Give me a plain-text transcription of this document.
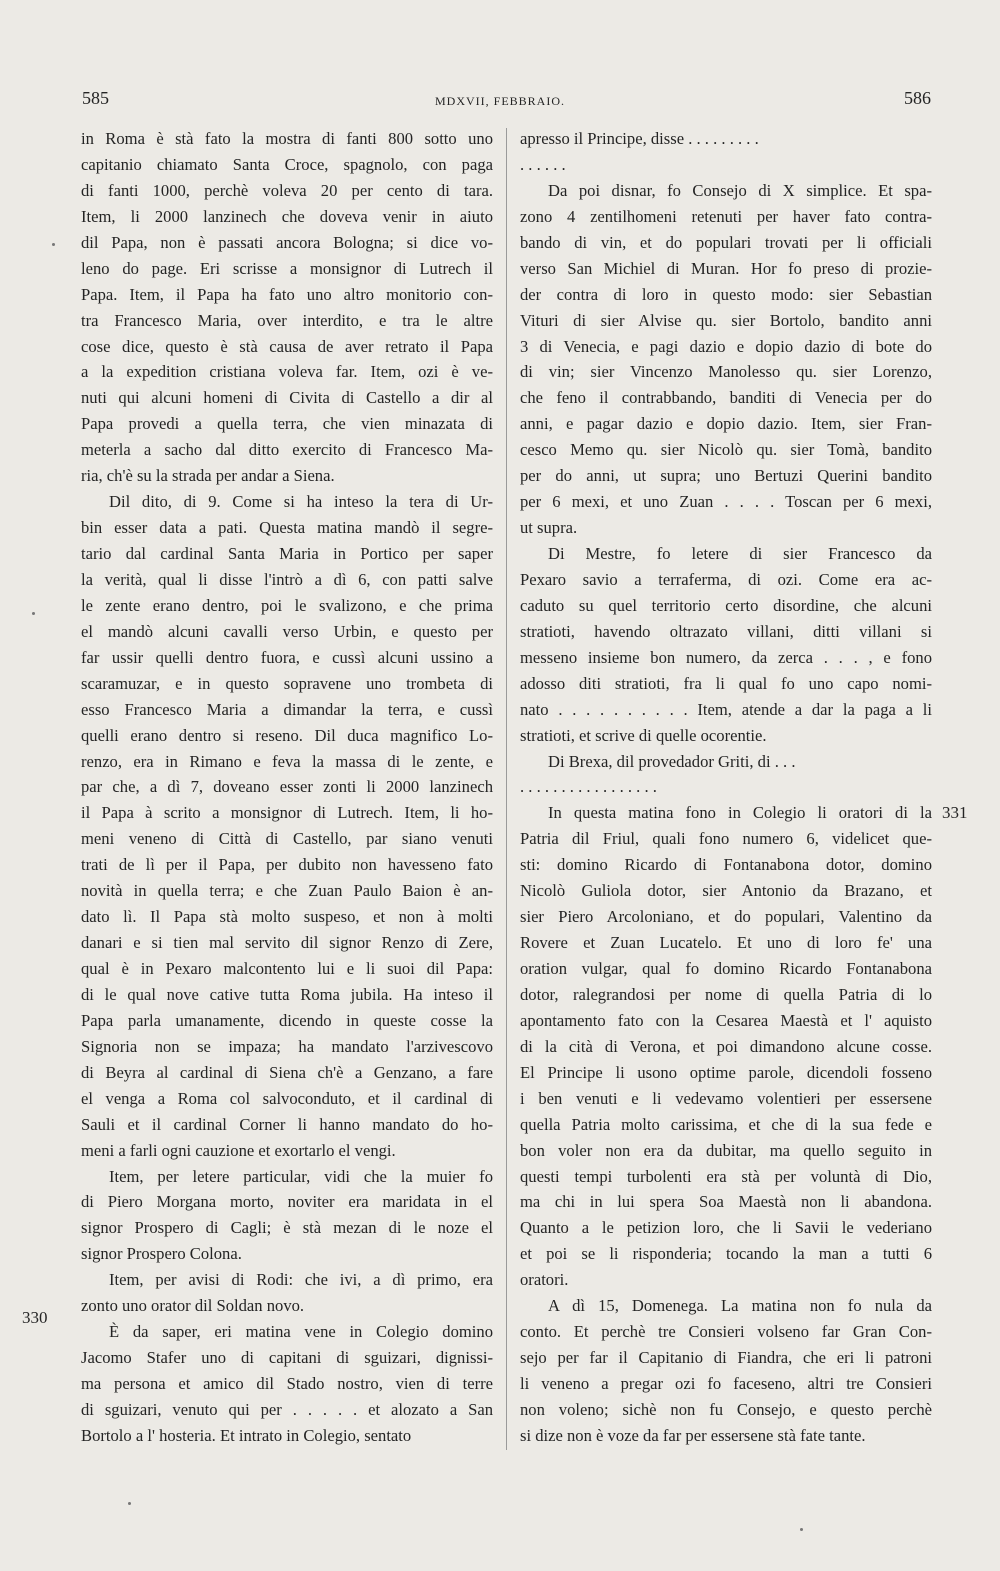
585	MDXVII, FEBBRAIO.	586
in Roma è stà fato la mostra di fanti 800 sotto uno
capitanio chiamato Santa Croce, spagnolo, con paga
di fanti 1000, perchè voleva 20 per cento di tara.
Item, li 2000 lanzinech che doveva venir in aiuto
dil Papa, non è passati ancora Bologna; si dice vo-
leno do page. Eri scrisse a monsignor di Lutrech il
Papa. Item, il Papa ha fato uno altro monitorio con-
tra Francesco Maria, over interdito, e tra le altre
cose dice, questo è stà causa de aver retrato il Papa
a la expedition cristiana voleva far. Item, ozi è ve-
nuti qui alcuni homeni di Civita di Castello a dir al
Papa provedi a quella terra, che vien minazata di
meterla a sacho dal ditto exercito di Francesco Ma-
ria, ch'è su la strada per andar a Siena.
Dil dito, di 9. Come si ha inteso la tera di Ur-
bin esser data a pati. Questa matina mandò il segre-
tario dal cardinal Santa Maria in Portico per saper
la verità, qual li disse l'intrò a dì 6, con patti salve
le zente erano dentro, poi le svalizono, e che prima
el mandò alcuni cavalli verso Urbin, e questo per
far ussir quelli dentro fuora, e cussì alcuni ussino a
scaramuzar, e in questo sopravene uno trombeta di
esso Francesco Maria a dimandar la terra, e cussì
quelli erano dentro si reseno. Dil duca magnifico Lo-
renzo, era in Rimano e feva la massa di le zente, e
par che, a dì 7, doveano esser zonti li 2000 lanzinech
il Papa à scrito a monsignor di Lutrech. Item, li ho-
meni veneno di Città di Castello, par siano venuti
trati de lì per il Papa, per dubito non havesseno fato
novità in quella terra; e che Zuan Paulo Baion è an-
dato lì. Il Papa stà molto suspeso, et non à molti
danari e si tien mal servito dil signor Renzo di Zere,
qual è in Pexaro malcontento lui e li suoi dil Papa:
di le qual nove cative tutta Roma jubila. Ha inteso il
Papa parla umanamente, dicendo in queste cosse la
Signoria non se impaza; ha mandato l'arzivescovo
di Beyra al cardinal di Siena ch'è a Genzano, a fare
el venga a Roma col salvoconduto, et il cardinal di
Sauli et il cardinal Corner li hanno mandato do ho-
meni a farli ogni cauzione et exortarlo el vengi.
Item, per letere particular, vidi che la muier fo
di Piero Morgana morto, noviter era maridata in el
signor Prospero di Cagli; è stà mezan di le noze el
signor Prospero Colona.
Item, per avisi di Rodi: che ivi, a dì primo, era
zonto uno orator dil Soldan novo.
È da saper, eri matina vene in Colegio domino
Jacomo Stafer uno di capitani di sguizari, dignissi-
ma persona et amico dil Stado nostro, vien di terre
di sguizari, venuto qui per . . . . . et alozato a San
Bortolo a l' hosteria. Et intrato in Colegio, sentato
apresso il Principe, disse . . . . . . . . .
. . . . . .
Da poi disnar, fo Consejo di X simplice. Et spa-
zono 4 zentilhomeni retenuti per haver fato contra-
bando di vin, et do populari trovati per li officiali
verso San Michiel di Muran. Hor fo preso di prozie-
der contra di loro in questo modo: sier Sebastian
Vituri di sier Alvise qu. sier Bortolo, bandito anni
3 di Venecia, e pagi dazio e dopio dazio di bote do
di vin; sier Vincenzo Manolesso qu. sier Lorenzo,
che feno il contrabbando, banditi di Venecia per do
anni, e pagar dazio e dopio dazio. Item, sier Fran-
cesco Memo qu. sier Nicolò qu. sier Tomà, bandito
per do anni, ut supra; uno Bertuzi Querini bandito
per 6 mexi, et uno Zuan . . . . Toscan per 6 mexi,
ut supra.
Di Mestre, fo letere di sier Francesco da
Pexaro savio a terraferma, di ozi. Come era ac-
caduto su quel territorio certo disordine, che alcuni
stratioti, havendo oltrazato villani, ditti villani si
messeno insieme bon numero, da zerca . . . , e fono
adosso diti stratioti, fra li qual fo uno capo nomi-
nato . . . . . . . . . . Item, atende a dar la paga a li
stratioti, et scrive di quelle ocorentie.
Di Brexa, dil provedador Griti, di . . .
. . . . . . . . . . . . . . . . .
In questa matina fono in Colegio li oratori di la
Patria dil Friul, quali fono numero 6, videlicet que-
sti: domino Ricardo di Fontanabona dotor, domino
Nicolò Guliola dotor, sier Antonio da Brazano, et
sier Piero Arcoloniano, et do populari, Valentino da
Rovere et Zuan Lucatelo. Et uno di loro fe' una
oration vulgar, qual fo domino Ricardo Fontanabona
dotor, ralegrandosi per nome di quella Patria di lo
apontamento fato con la Cesarea Maestà et l' aquisto
di la cità di Verona, et poi dimandono alcune cosse.
El Principe li usono optime parole, dicendoli fosseno
i ben venuti e li vedevamo volentieri per essersene
quella Patria molto carissima, et che di la sua fede e
bon voler non era da dubitar, ma quello seguito in
questi tempi turbolenti era stà per voluntà di Dio,
ma chi in lui spera Soa Maestà non li abandona.
Quanto a le petizion loro, che li Savii le vederiano
et poi se li risponderia; tocando la man a tutti 6
oratori.
A dì 15, Domenega. La matina non fo nula da
conto. Et perchè tre Consieri volseno far Gran Con-
sejo per far il Capitanio di Fiandra, che eri li patroni
li veneno a pregar ozi fo faceseno, altri tre Consieri
non voleno; sichè non fu Consejo, e questo perchè
si dize non è voze da far per essersene stà fate tante.
330
331
